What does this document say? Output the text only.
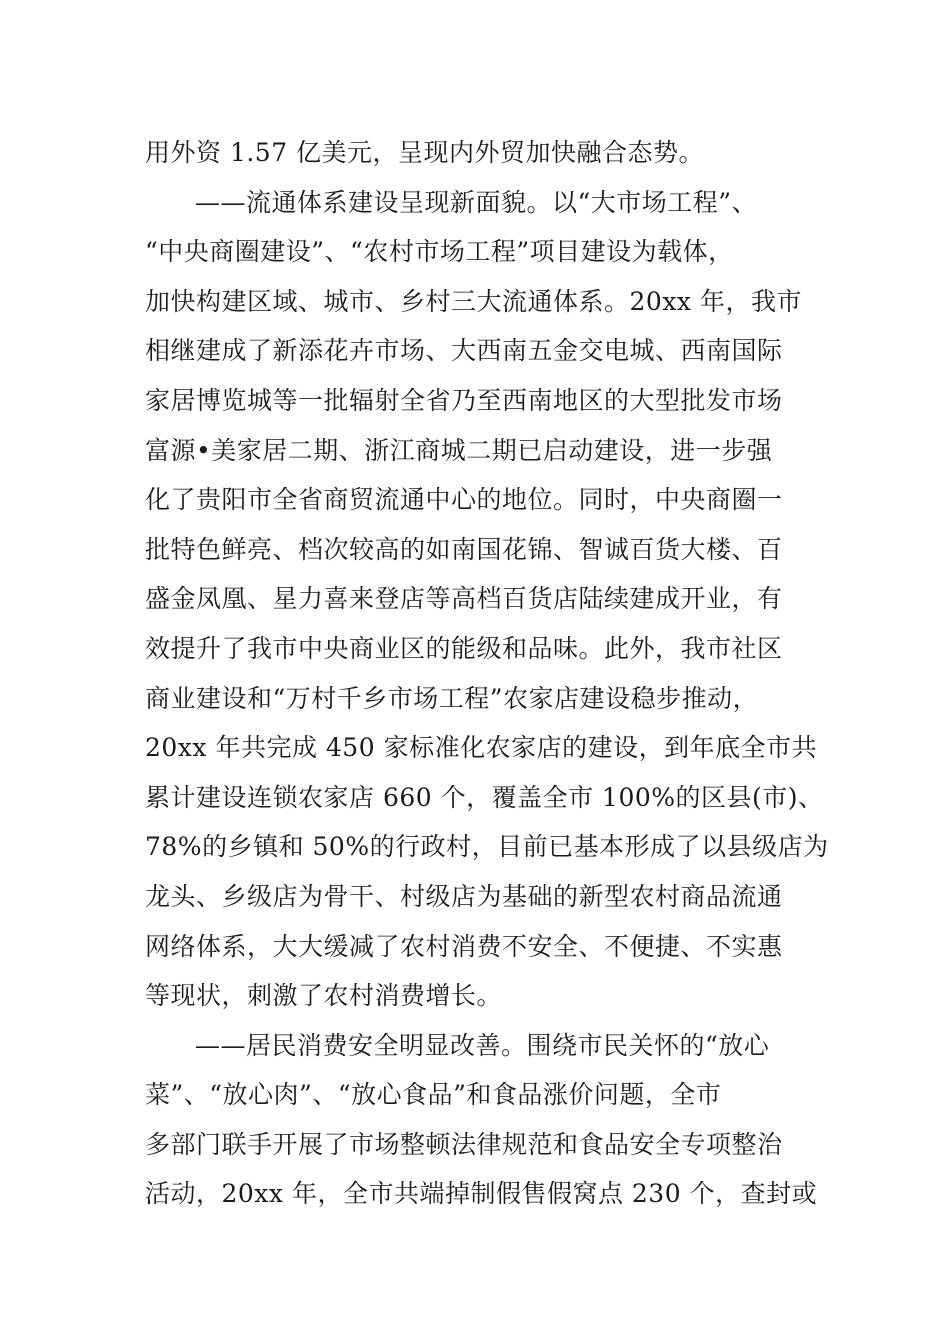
用外资 1.57 亿美元，呈现内外贸加快融合态势。
——流通体系建设呈现新面貌。以“大市场工程”、
“中央商圈建设”、“农村市场工程”项目建设为载体，
加快构建区域、城市、乡村三大流通体系。20xx 年，我市
相继建成了新添花卉市场、大西南五金交电城、西南国际
家居博览城等一批辐射全省乃至西南地区的大型批发市场
富源•美家居二期、浙江商城二期已启动建设，进一步强
化了贵阳市全省商贸流通中心的地位。同时，中央商圈一
批特色鲜亮、档次较高的如南国花锦、智诚百货大楼、百
盛金凤凰、星力喜来登店等高档百货店陆续建成开业，有
效提升了我市中央商业区的能级和品味。此外，我市社区
商业建设和“万村千乡市场工程”农家店建设稳步推动，
20xx 年共完成 450 家标准化农家店的建设，到年底全市共
累计建设连锁农家店 660 个，覆盖全市 100%的区县(市)、
78%的乡镇和 50%的行政村，目前已基本形成了以县级店为
龙头、乡级店为骨干、村级店为基础的新型农村商品流通
网络体系，大大缓减了农村消费不安全、不便捷、不实惠
等现状，刺激了农村消费增长。
——居民消费安全明显改善。围绕市民关怀的“放心
菜”、“放心肉”、“放心食品”和食品涨价问题，全市
多部门联手开展了市场整顿法律规范和食品安全专项整治
活动，20xx 年，全市共端掉制假售假窝点 230 个，查封或
